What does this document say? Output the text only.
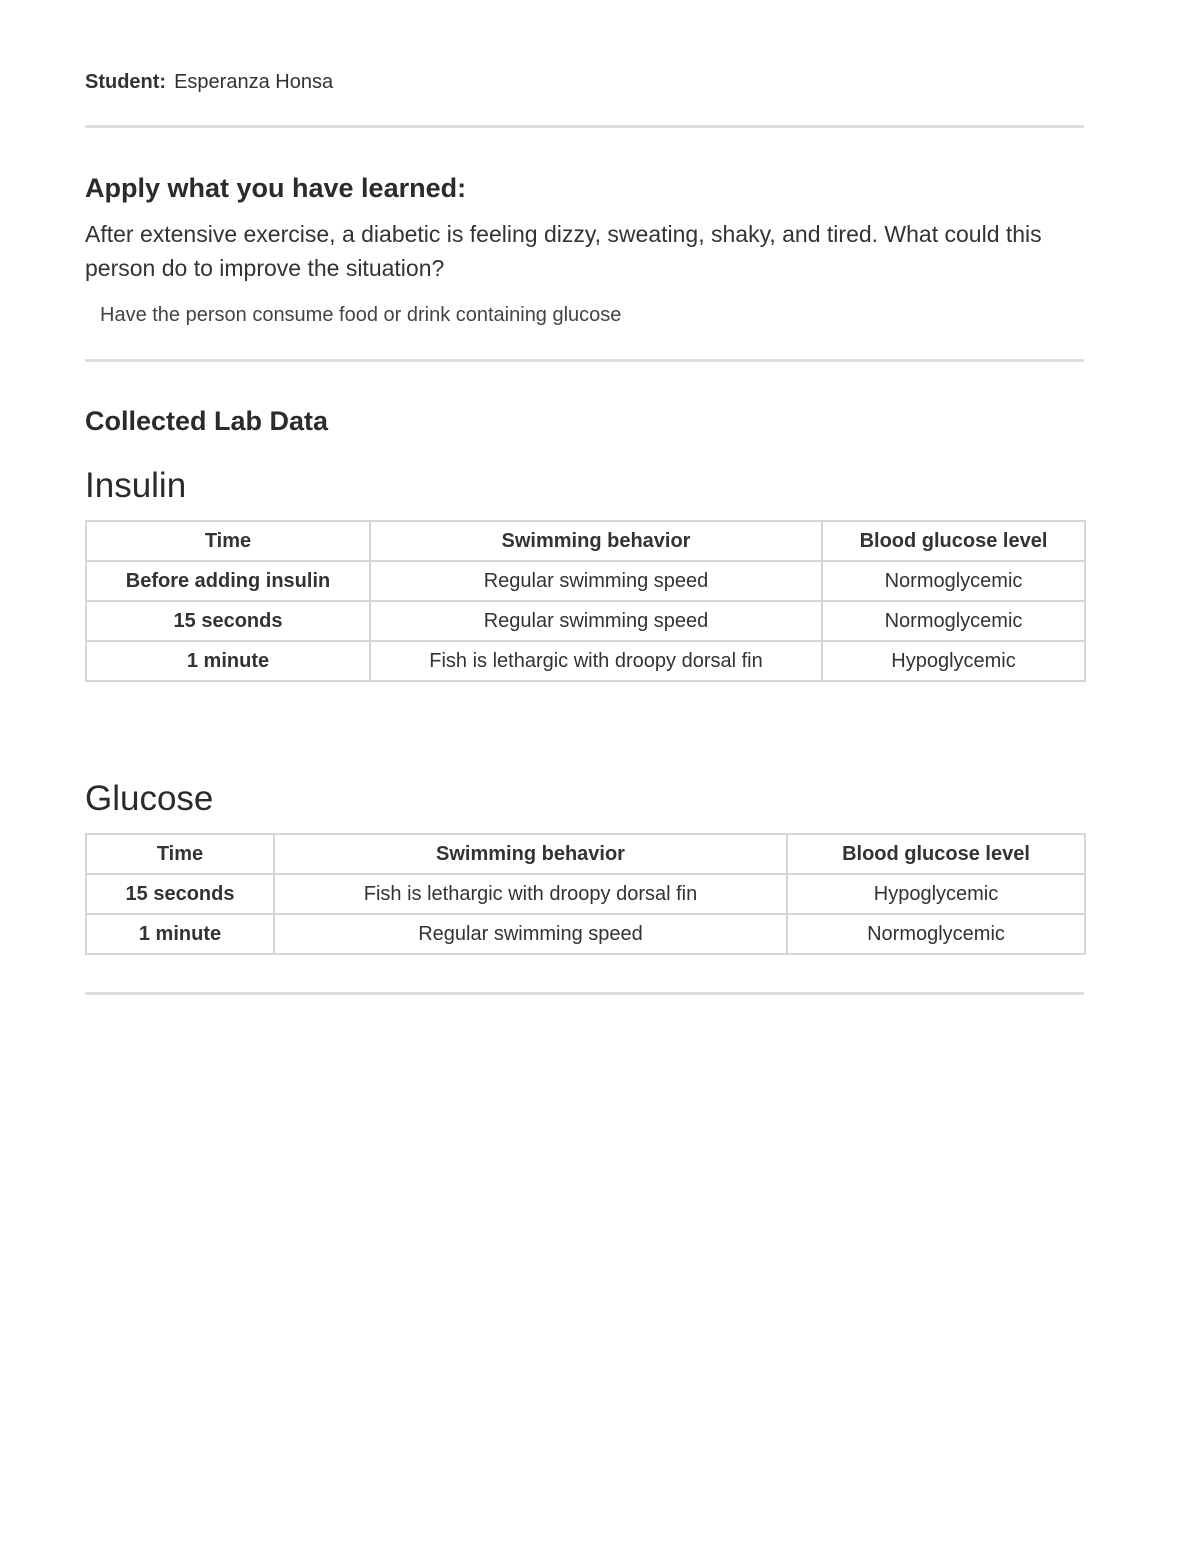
Student: Esperanza Honsa
Apply what you have learned:

After extensive exercise, a diabetic is feeling dizzy, sweating, shaky, and tired. What could this person do to improve the situation?

Have the person consume food or drink containing glucose

Collected Lab Data
Insulin
Time	Swimming behavior	Blood glucose level
Before adding insulin	Regular swimming speed	Normoglycemic
15 seconds	Regular swimming speed	Normoglycemic
1 minute	Fish is lethargic with droopy dorsal fin	Hypoglycemic
Glucose
Time	Swimming behavior	Blood glucose level
15 seconds	Fish is lethargic with droopy dorsal fin	Hypoglycemic
1 minute	Regular swimming speed	Normoglycemic
